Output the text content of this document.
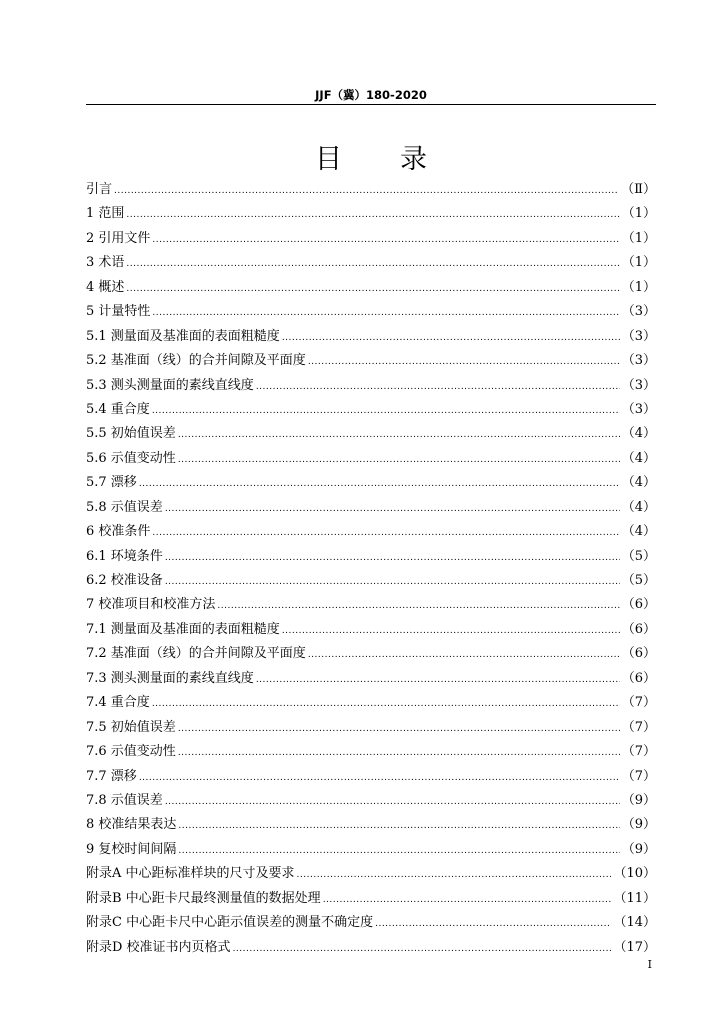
JJF（冀）180-2020
目 录
引言 .....	（Ⅱ）
1 范围 .....	（1）
2 引用文件 .....	（1）
3 术语 .....	（1）
4 概述 .....	（1）
5 计量特性 .....	（3）
5.1 测量面及基准面的表面粗糙度 .....	（3）
5.2 基准面（线）的合并间隙及平面度 .....	（3）
5.3 测头测量面的素线直线度 .....	（3）
5.4 重合度 .....	（3）
5.5 初始值误差 .....	（4）
5.6 示值变动性 .....	（4）
5.7 漂移 .....	（4）
5.8 示值误差 .....	（4）
6 校准条件 .....	（4）
6.1 环境条件 .....	（5）
6.2 校准设备 .....	（5）
7 校准项目和校准方法 .....	（6）
7.1 测量面及基准面的表面粗糙度 .....	（6）
7.2 基准面（线）的合并间隙及平面度 .....	（6）
7.3 测头测量面的素线直线度 .....	（6）
7.4 重合度 .....	（7）
7.5 初始值误差 .....	（7）
7.6 示值变动性 .....	（7）
7.7 漂移 .....	（7）
7.8 示值误差 .....	（9）
8 校准结果表达 .....	（9）
9 复校时间间隔 .....	（9）
附录A 中心距标准样块的尺寸及要求 .....	（10）
附录B 中心距卡尺最终测量值的数据处理 .....	（11）
附录C 中心距卡尺中心距示值误差的测量不确定度 .....	（14）
附录D 校准证书内页格式 .....	（17）
I
